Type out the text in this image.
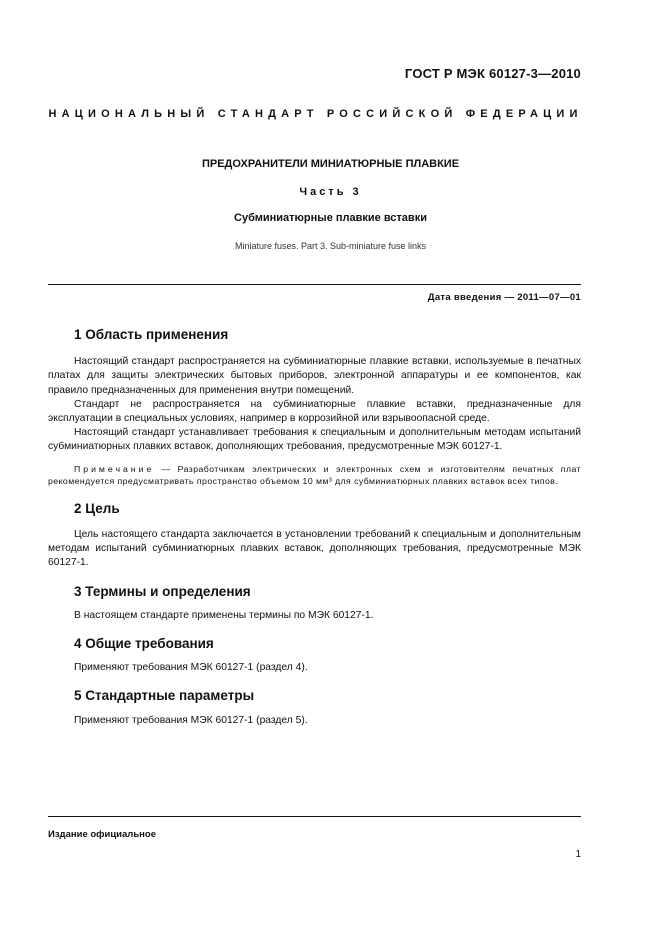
ГОСТ Р МЭК 60127-3—2010
НАЦИОНАЛЬНЫЙ СТАНДАРТ РОССИЙСКОЙ ФЕДЕРАЦИИ
ПРЕДОХРАНИТЕЛИ МИНИАТЮРНЫЕ ПЛАВКИЕ
Часть 3
Субминиатюрные плавкие вставки
Miniature fuses. Part 3. Sub-miniature fuse links
Дата введения — 2011—07—01
1 Область применения

Настоящий стандарт распространяется на субминиатюрные плавкие вставки, используемые в печатных платах для защиты электрических бытовых приборов, электронной аппаратуры и ее компонентов, как правило предназначенных для применения внутри помещений.

Стандарт не распространяется на субминиатюрные плавкие вставки, предназначенные для эксплуатации в специальных условиях, например в коррозийной или взрывоопасной среде.

Настоящий стандарт устанавливает требования к специальным и дополнительным методам испытаний субминиатюрных плавких вставок, дополняющих требования, предусмотренные МЭК 60127-1.

Примечание — Разработчикам электрических и электронных схем и изготовителям печатных плат рекомендуется предусматривать пространство объемом 10 мм³ для субминиатюрных плавких вставок всех типов.
2 Цель

Цель настоящего стандарта заключается в установлении требований к специальным и дополнительным методам испытаний субминиатюрных плавких вставок, дополняющих требования, предусмотренные МЭК 60127-1.

3 Термины и определения

В настоящем стандарте применены термины по МЭК 60127-1.

4 Общие требования

Применяют требования МЭК 60127-1 (раздел 4).

5 Стандартные параметры

Применяют требования МЭК 60127-1 (раздел 5).

Издание официальное
1
